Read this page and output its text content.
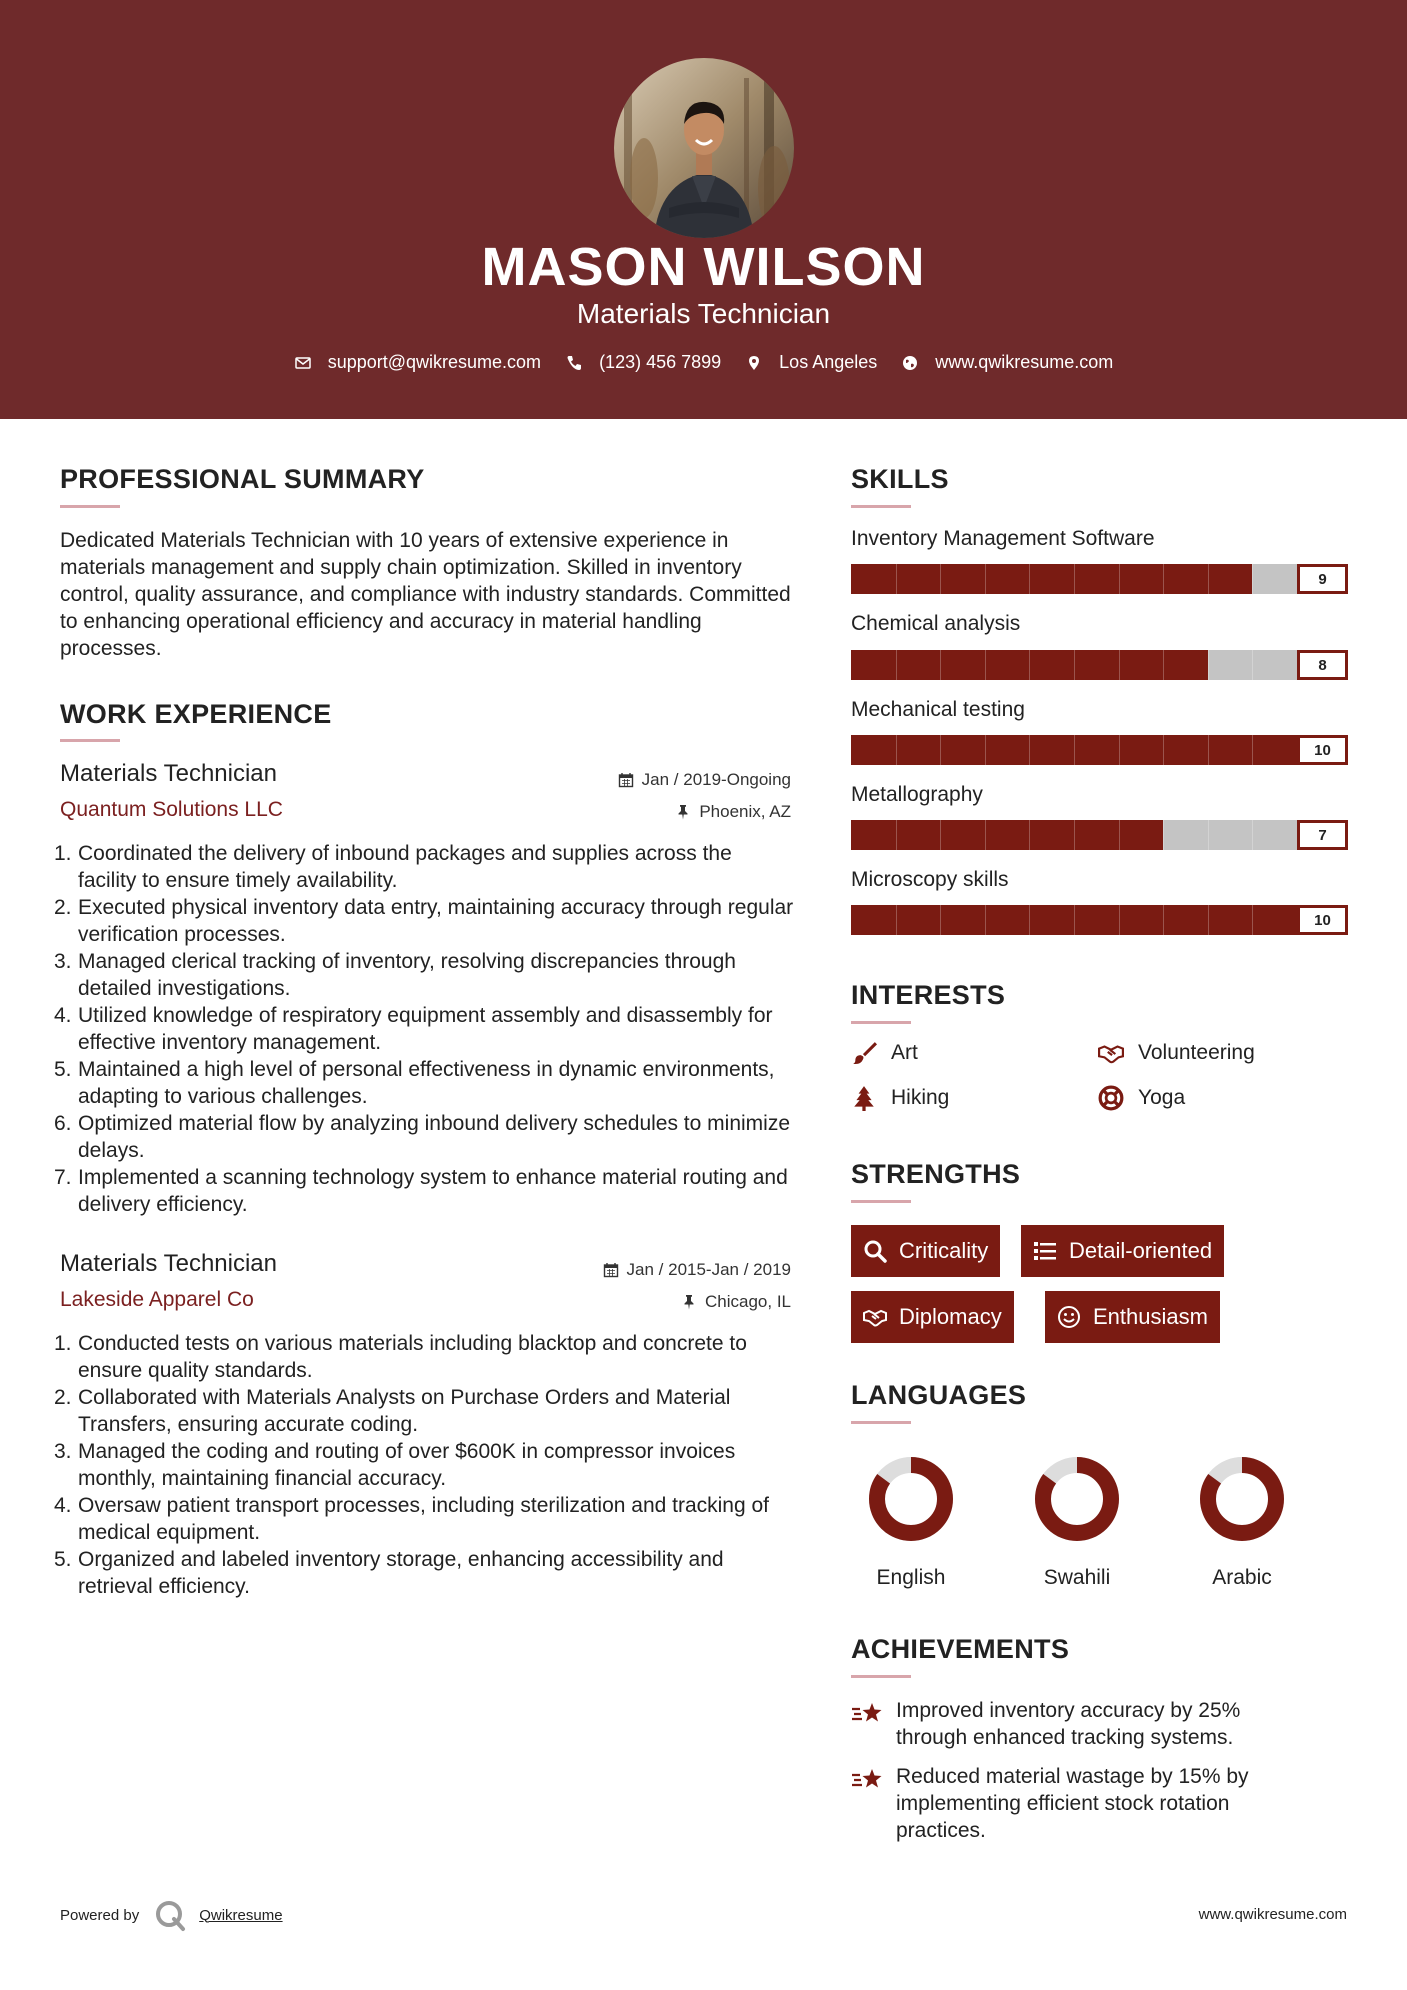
MASON WILSON
Materials Technician
support@qwikresume.com	(123) 456 7899	Los Angeles	www.qwikresume.com
PROFESSIONAL SUMMARY
Dedicated Materials Technician with 10 years of extensive experience in materials management and supply chain optimization. Skilled in inventory control, quality assurance, and compliance with industry standards. Committed to enhancing operational efficiency and accuracy in material handling processes.
WORK EXPERIENCE
Materials Technician
Quantum Solutions LLC
Jan / 2019-Ongoing
Phoenix, AZ
1. Coordinated the delivery of inbound packages and supplies across the facility to ensure timely availability.
2. Executed physical inventory data entry, maintaining accuracy through regular verification processes.
3. Managed clerical tracking of inventory, resolving discrepancies through detailed investigations.
4. Utilized knowledge of respiratory equipment assembly and disassembly for effective inventory management.
5. Maintained a high level of personal effectiveness in dynamic environments, adapting to various challenges.
6. Optimized material flow by analyzing inbound delivery schedules to minimize delays.
7. Implemented a scanning technology system to enhance material routing and delivery efficiency.
Materials Technician
Lakeside Apparel Co
Jan / 2015-Jan / 2019
Chicago, IL
1. Conducted tests on various materials including blacktop and concrete to ensure quality standards.
2. Collaborated with Materials Analysts on Purchase Orders and Material Transfers, ensuring accurate coding.
3. Managed the coding and routing of over $600K in compressor invoices monthly, maintaining financial accuracy.
4. Oversaw patient transport processes, including sterilization and tracking of medical equipment.
5. Organized and labeled inventory storage, enhancing accessibility and retrieval efficiency.
SKILLS
Inventory Management Software
9
Chemical analysis
8
Mechanical testing
10
Metallography
7
Microscopy skills
10
INTERESTS
Art	Volunteering
Hiking	Yoga
STRENGTHS
Criticality	Detail-oriented
Diplomacy	Enthusiasm
LANGUAGES
English	Swahili	Arabic
ACHIEVEMENTS
Improved inventory accuracy by 25% through enhanced tracking systems.
Reduced material wastage by 15% by implementing efficient stock rotation practices.
Powered by	Qwikresume	www.qwikresume.com
